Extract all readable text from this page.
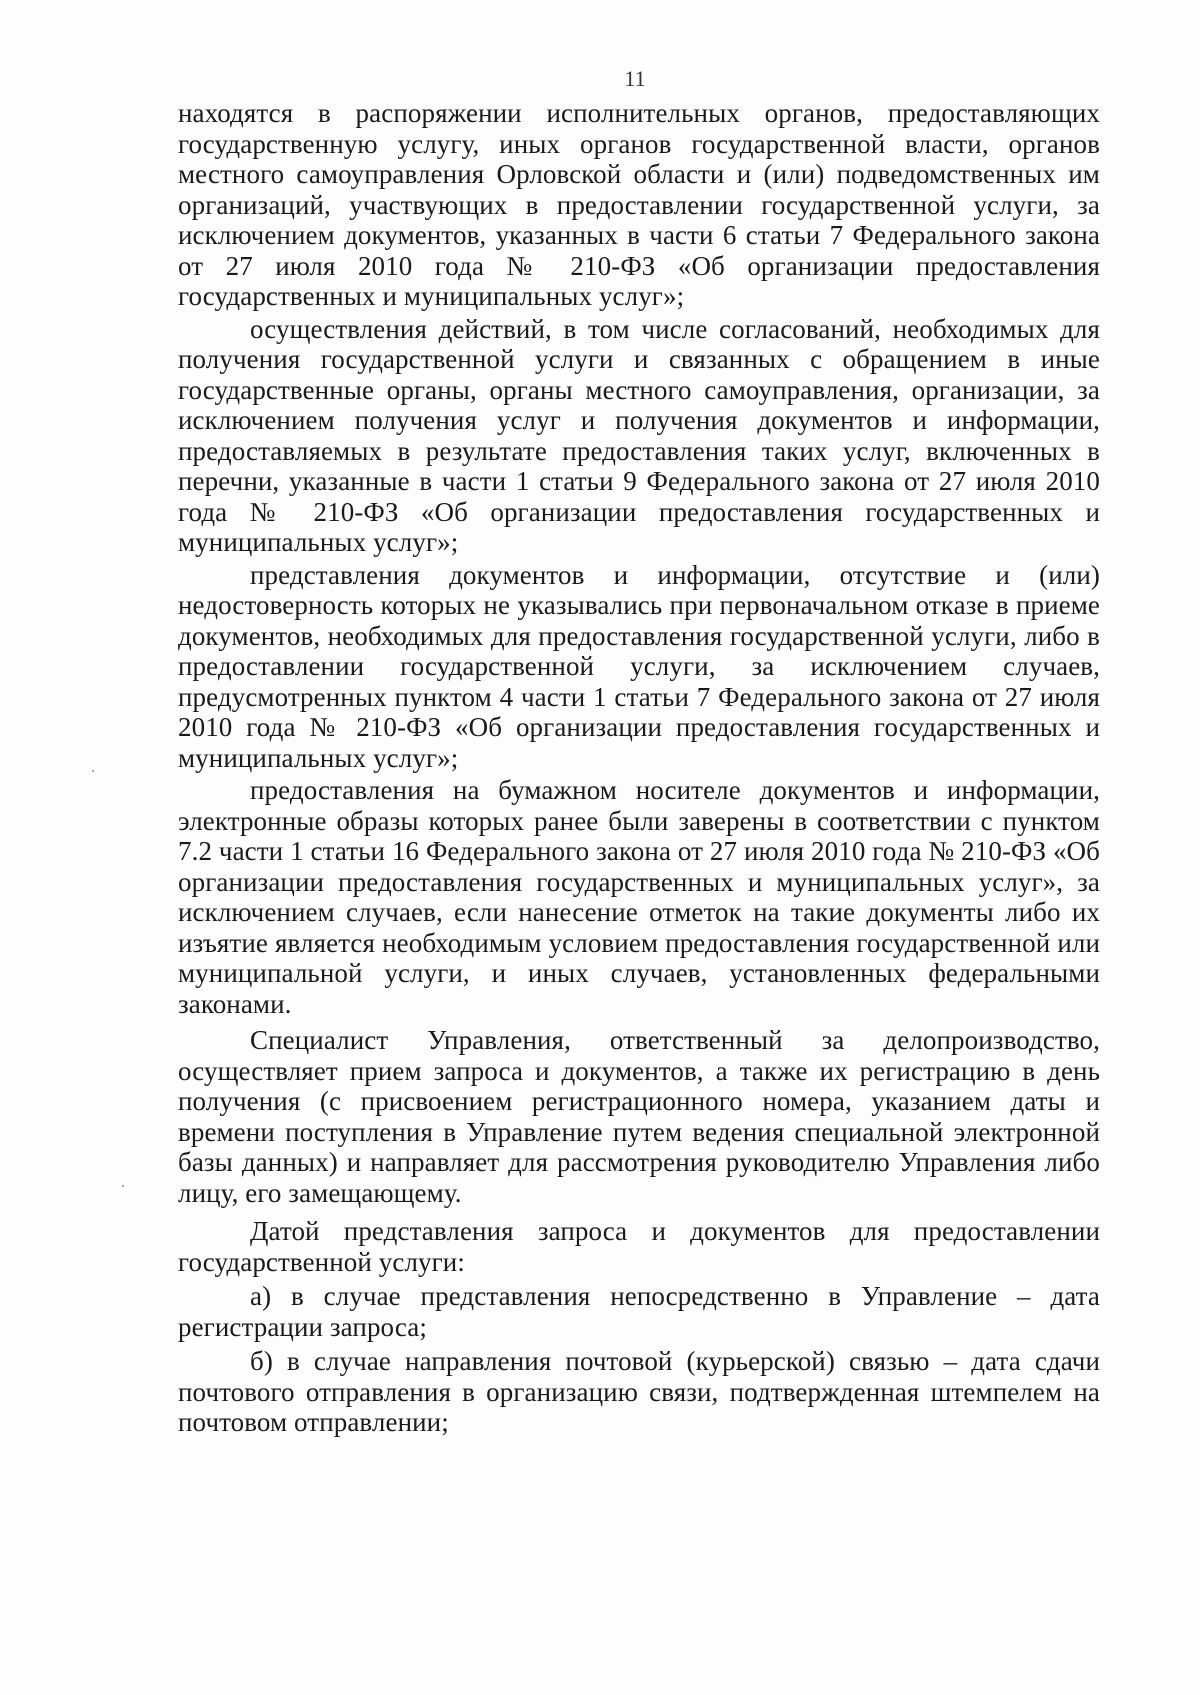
11

находятся в распоряжении исполнительных органов, предоставляющих государственную услугу, иных органов государственной власти, органов местного самоуправления Орловской области и (или) подведомственных им организаций, участвующих в предоставлении государственной услуги, за исключением документов, указанных в части 6 статьи 7 Федерального закона от 27 июля 2010 года № 210-ФЗ «Об организации предоставления государственных и муниципальных услуг»;

осуществления действий, в том числе согласований, необходимых для получения государственной услуги и связанных с обращением в иные государственные органы, органы местного самоуправления, организации, за исключением получения услуг и получения документов и информации, предоставляемых в результате предоставления таких услуг, включенных в перечни, указанные в части 1 статьи 9 Федерального закона от 27 июля 2010 года № 210-ФЗ «Об организации предоставления государственных и муниципальных услуг»;

представления документов и информации, отсутствие и (или) недостоверность которых не указывались при первоначальном отказе в приеме документов, необходимых для предоставления государственной услуги, либо в предоставлении государственной услуги, за исключением случаев, предусмотренных пунктом 4 части 1 статьи 7 Федерального закона от 27 июля 2010 года № 210-ФЗ «Об организации предоставления государственных и муниципальных услуг»;

предоставления на бумажном носителе документов и информации, электронные образы которых ранее были заверены в соответствии с пунктом 7.2 части 1 статьи 16 Федерального закона от 27 июля 2010 года № 210-ФЗ «Об организации предоставления государственных и муниципальных услуг», за исключением случаев, если нанесение отметок на такие документы либо их изъятие является необходимым условием предоставления государственной или муниципальной услуги, и иных случаев, установленных федеральными законами.

Специалист Управления, ответственный за делопроизводство, осуществляет прием запроса и документов, а также их регистрацию в день получения (с присвоением регистрационного номера, указанием даты и времени поступления в Управление путем ведения специальной электронной базы данных) и направляет для рассмотрения руководителю Управления либо лицу, его замещающему.

Датой представления запроса и документов для предоставлении государственной услуги:

а) в случае представления непосредственно в Управление – дата регистрации запроса;

б) в случае направления почтовой (курьерской) связью – дата сдачи почтового отправления в организацию связи, подтвержденная штемпелем на почтовом отправлении;
